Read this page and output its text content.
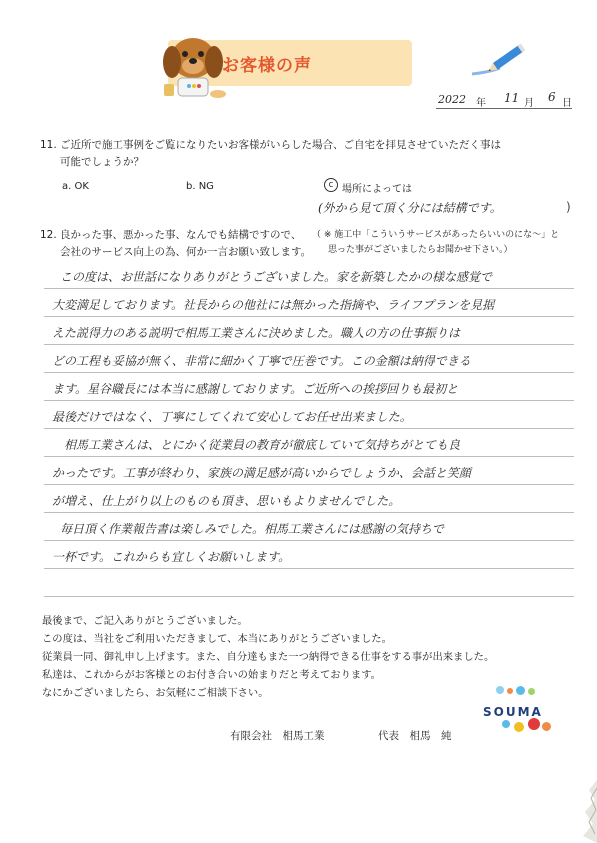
お客様の声
2022 年 11 月 6 日
11. ご近所で施工事例をご覧になりたいお客様がいらした場合、ご自宅を拝見させていただく事は
可能でしょうか？
a. OK	b. NG	c 場所によっては
(外から見て頂く分には結構です。	)
12. 良かった事、悪かった事、なんでも結構ですので、
会社のサービス向上の為、何か一言お願い致します。
（ ※ 施工中「こういうサービスがあったらいいのにな～」と
思った事がございましたらお聞かせ下さい。）
この度は、お世話になりありがとうございました。家を新築したかの様な感覚で
大変満足しております。社長からの他社には無かった指摘や、ライフプランを見据
えた説得力のある説明で相馬工業さんに決めました。職人の方の仕事振りは
どの工程も妥協が無く、非常に細かく丁寧で圧巻です。この金額は納得できる
ます。星谷職長には本当に感謝しております。ご近所への挨拶回りも最初と
最後だけではなく、丁寧にしてくれて安心してお任せ出来ました。
相馬工業さんは、とにかく従業員の教育が徹底していて気持ちがとても良
かったです。工事が終わり、家族の満足感が高いからでしょうか、会話と笑顔
が増え、仕上がり以上のものも頂き、思いもよりませんでした。
毎日頂く作業報告書は楽しみでした。相馬工業さんには感謝の気持ちで
一杯です。これからも宜しくお願いします。
最後まで、ご記入ありがとうございました。
この度は、当社をご利用いただきまして、本当にありがとうございました。
従業員一同、御礼申し上げます。また、自分達もまた一つ納得できる仕事をする事が出来ました。
私達は、これからがお客様とのお付き合いの始まりだと考えております。
なにかございましたら、お気軽にご相談下さい。
有限会社　相馬工業	代表　相馬　純
SOUMA
